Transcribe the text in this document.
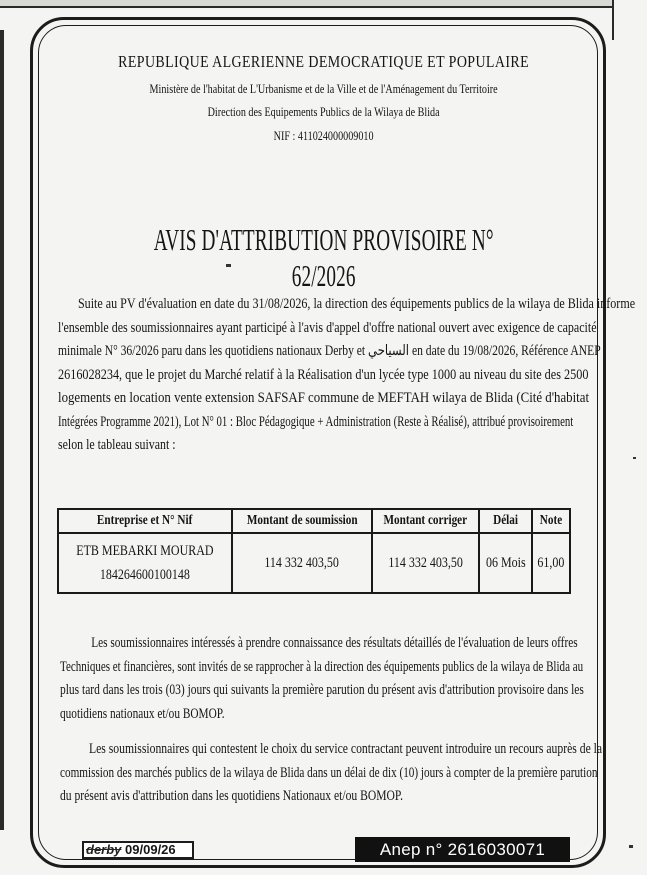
REPUBLIQUE ALGERIENNE DEMOCRATIQUE ET POPULAIRE
Ministère de l'habitat de L'Urbanisme et de la Ville et de l'Aménagement du Territoire
Direction des Equipements Publics de la Wilaya de Blida
NIF : 411024000009010
AVIS D'ATTRIBUTION PROVISOIRE N° 62/2026
Suite au PV d'évaluation en date du 31/08/2026, la direction des équipements publics de la wilaya de Blida informe
l'ensemble des soumissionnaires ayant participé à l'avis d'appel d'offre national ouvert avec exigence de capacité
minimale N° 36/2026 paru dans les quotidiens nationaux Derby et السياحي en date du 19/08/2026, Référence ANEP
2616028234, que le projet du Marché relatif à la Réalisation d'un lycée type 1000 au niveau du site des 2500
logements en location vente extension SAFSAF commune de MEFTAH wilaya de Blida (Cité d'habitat
Intégrées Programme 2021), Lot N° 01 : Bloc Pédagogique + Administration (Reste à Réalisé), attribué provisoirement
selon le tableau suivant :
Entreprise et N° Nif	Montant de soumission	Montant corriger	Délai	Note

ETB MEBARKI MOURAD
184264600100148	114 332 403,50	114 332 403,50	06 Mois	61,00
Les soumissionnaires intéressés à prendre connaissance des résultats détaillés de l'évaluation de leurs offres
Techniques et financières, sont invités de se rapprocher à la direction des équipements publics de la wilaya de Blida au
plus tard dans les trois (03) jours qui suivants la première parution du présent avis d'attribution provisoire dans les
quotidiens nationaux et/ou BOMOP.
Les soumissionnaires qui contestent le choix du service contractant peuvent introduire un recours auprès de la
commission des marchés publics de la wilaya de Blida dans un délai de dix (10) jours à compter de la première parution
du présent avis d'attribution dans les quotidiens Nationaux et/ou BOMOP.
derby 09/09/26	Anep n° 2616030071
